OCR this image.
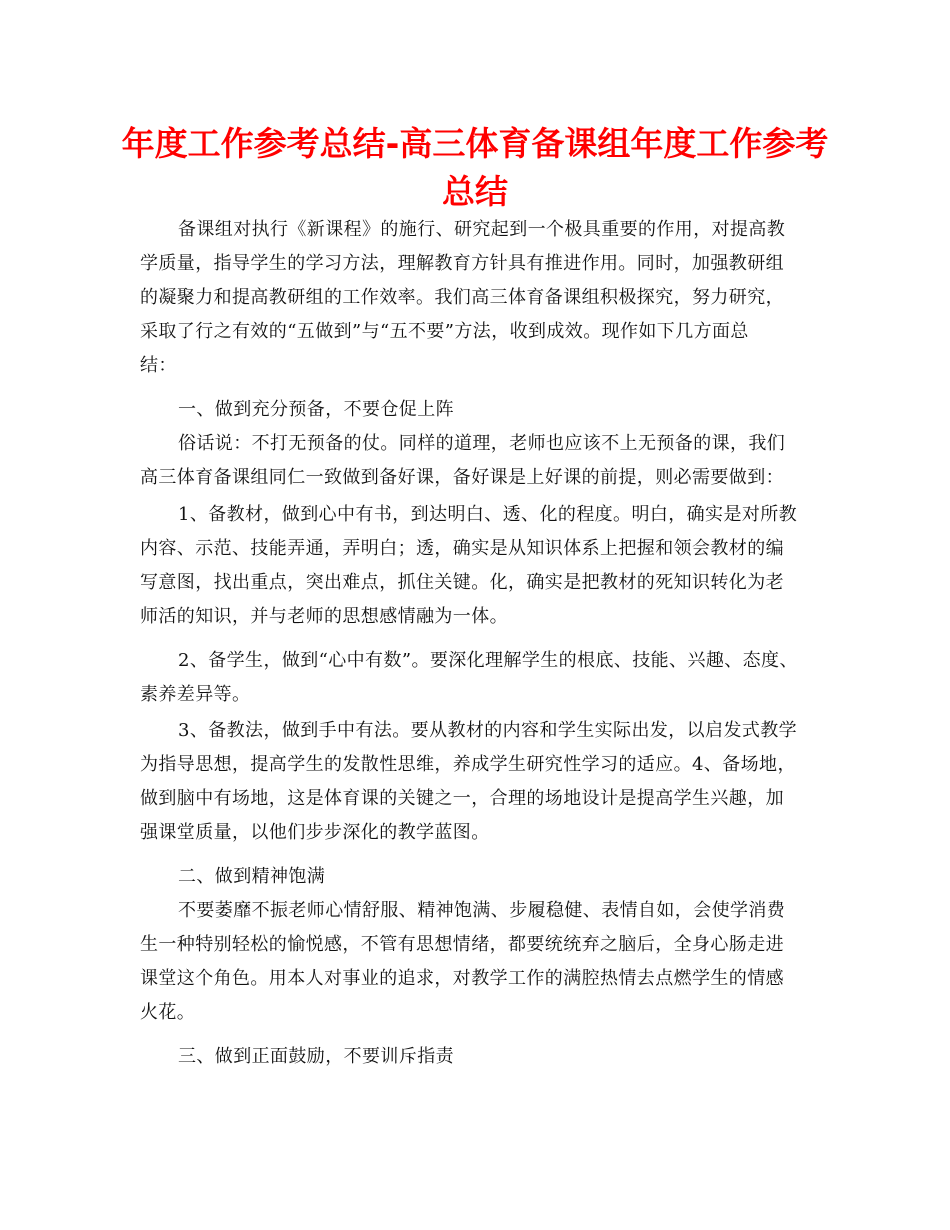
年度工作参考总结-高三体育备课组年度工作参考总结

备课组对执行《新课程》的施行、研究起到一个极具重要的作用，对提高教

学质量，指导学生的学习方法，理解教育方针具有推进作用。同时，加强教研组

的凝聚力和提高教研组的工作效率。我们高三体育备课组积极探究，努力研究，

采取了行之有效的“五做到”与“五不要”方法，收到成效。现作如下几方面总

结：

一、做到充分预备，不要仓促上阵

俗话说：不打无预备的仗。同样的道理，老师也应该不上无预备的课，我们

高三体育备课组同仁一致做到备好课，备好课是上好课的前提，则必需要做到：

1、备教材，做到心中有书，到达明白、透、化的程度。明白，确实是对所教

内容、示范、技能弄通，弄明白；透，确实是从知识体系上把握和领会教材的编

写意图，找出重点，突出难点，抓住关键。化，确实是把教材的死知识转化为老

师活的知识，并与老师的思想感情融为一体。

2、备学生，做到“心中有数”。要深化理解学生的根底、技能、兴趣、态度、

素养差异等。

3、备教法，做到手中有法。要从教材的内容和学生实际出发，以启发式教学

为指导思想，提高学生的发散性思维，养成学生研究性学习的适应。4、备场地，

做到脑中有场地，这是体育课的关键之一，合理的场地设计是提高学生兴趣，加

强课堂质量，以他们步步深化的教学蓝图。

二、做到精神饱满

不要萎靡不振老师心情舒服、精神饱满、步履稳健、表情自如，会使学消费

生一种特别轻松的愉悦感，不管有思想情绪，都要统统弃之脑后，全身心肠走进

课堂这个角色。用本人对事业的追求，对教学工作的满腔热情去点燃学生的情感

火花。

三、做到正面鼓励，不要训斥指责
